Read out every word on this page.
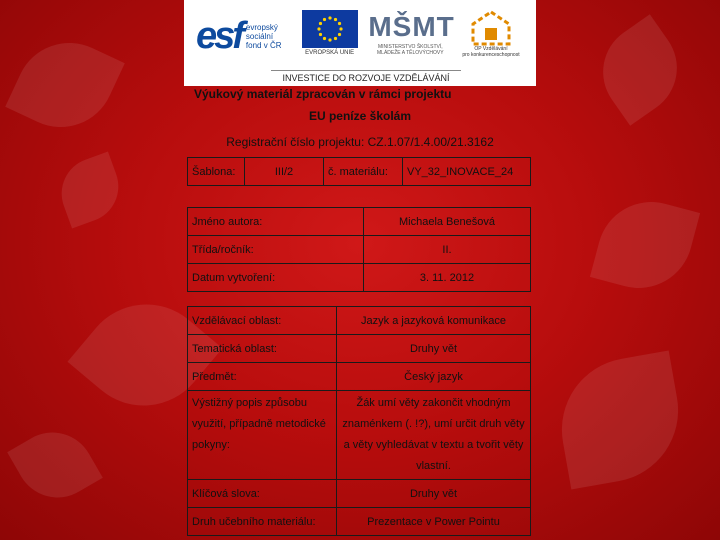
esf evropský
sociální
fond v ČR
EVROPSKÁ UNIE
MŠMT
MINISTERSTVO ŠKOLSTVÍ,
MLÁDEŽE A TĚLOVÝCHOVY
OP Vzdělávání
pro konkurenceschopnost
INVESTICE DO ROZVOJE VZDĚLÁVÁNÍ
Výukový materiál zpracován v rámci projektu
EU peníze školám
Registrační číslo projektu: CZ.1.07/1.4.00/21.3162
Šablona:	III/2	č. materiálu:	VY_32_INOVACE_24
Jméno autora:	Michaela Benešová
Třída/ročník:	II.
Datum vytvoření:	3. 11. 2012
Vzdělávací oblast:	Jazyk a jazyková komunikace
Tematická oblast:	Druhy vět
Předmět:	Český jazyk
Výstižný popis způsobu využití, případně metodické pokyny:	Žák umí věty zakončit vhodným znaménkem (. !?), umí určit druh věty a věty vyhledávat v textu a tvořit věty vlastní.
Klíčová slova:	Druhy vět
Druh učebního materiálu:	Prezentace v Power Pointu
